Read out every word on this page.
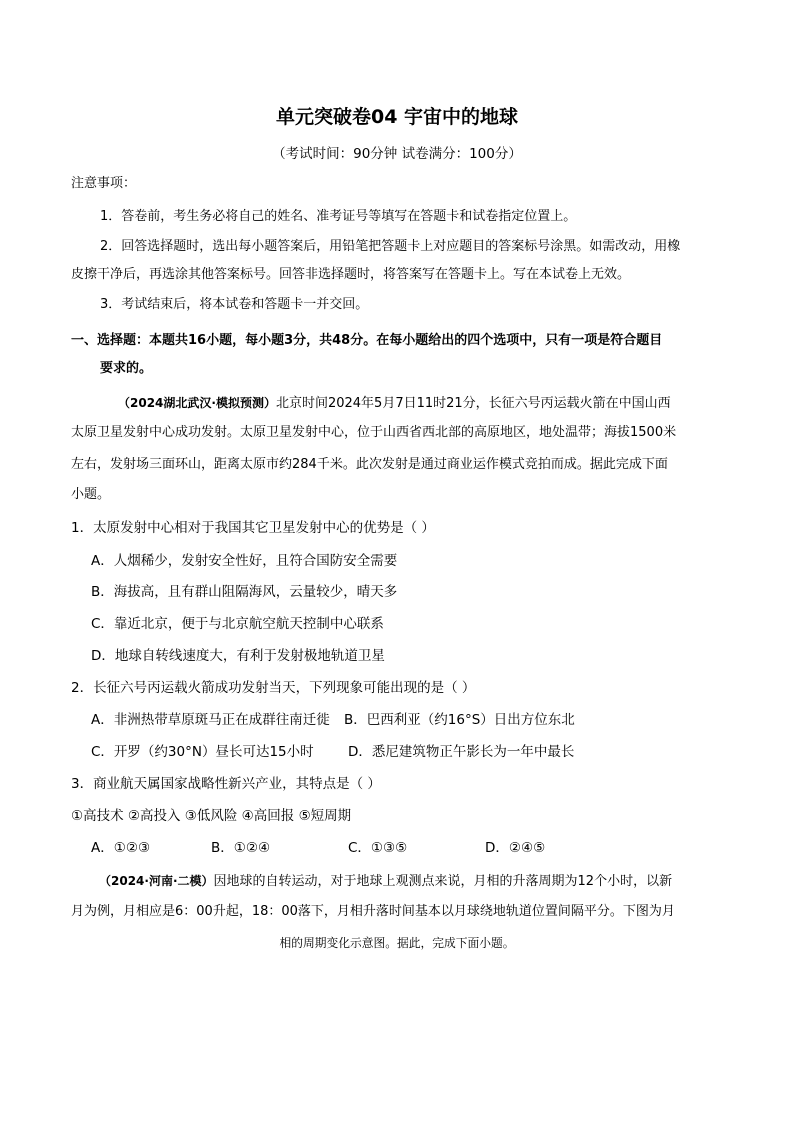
单元突破卷04 宇宙中的地球
（考试时间：90分钟 试卷满分：100分）
注意事项：
1．答卷前，考生务必将自己的姓名、准考证号等填写在答题卡和试卷指定位置上。
2．回答选择题时，选出每小题答案后，用铅笔把答题卡上对应题目的答案标号涂黑。如需改动，用橡
皮擦干净后，再选涂其他答案标号。回答非选择题时，将答案写在答题卡上。写在本试卷上无效。
3．考试结束后，将本试卷和答题卡一并交回。
一、选择题：本题共16小题，每小题3分，共48分。在每小题给出的四个选项中，只有一项是符合题目
要求的。
（2024湖北武汉·模拟预测）北京时间2024年5月7日11时21分，长征六号丙运载火箭在中国山西
太原卫星发射中心成功发射。太原卫星发射中心，位于山西省西北部的高原地区，地处温带；海拔1500米
左右，发射场三面环山，距离太原市约284千米。此次发射是通过商业运作模式竞拍而成。据此完成下面
小题。
1．太原发射中心相对于我国其它卫星发射中心的优势是（ ）
A．人烟稀少，发射安全性好，且符合国防安全需要
B．海拔高，且有群山阻隔海风，云量较少，晴天多
C．靠近北京，便于与北京航空航天控制中心联系
D．地球自转线速度大，有利于发射极地轨道卫星
2．长征六号丙运载火箭成功发射当天，下列现象可能出现的是（ ）
A．非洲热带草原斑马正在成群往南迁徙 B．巴西利亚（约16°S）日出方位东北
C．开罗（约30°N）昼长可达15小时	D．悉尼建筑物正午影长为一年中最长
3．商业航天属国家战略性新兴产业，其特点是（ ）
①高技术 ②高投入 ③低风险 ④高回报 ⑤短周期
A．①②③	B．①②④	C．①③⑤	D．②④⑤
（2024·河南·二模）因地球的自转运动，对于地球上观测点来说，月相的升落周期为12个小时，以新
月为例，月相应是6：00升起，18：00落下，月相升落时间基本以月球绕地轨道位置间隔平分。下图为月
相的周期变化示意图。据此，完成下面小题。
